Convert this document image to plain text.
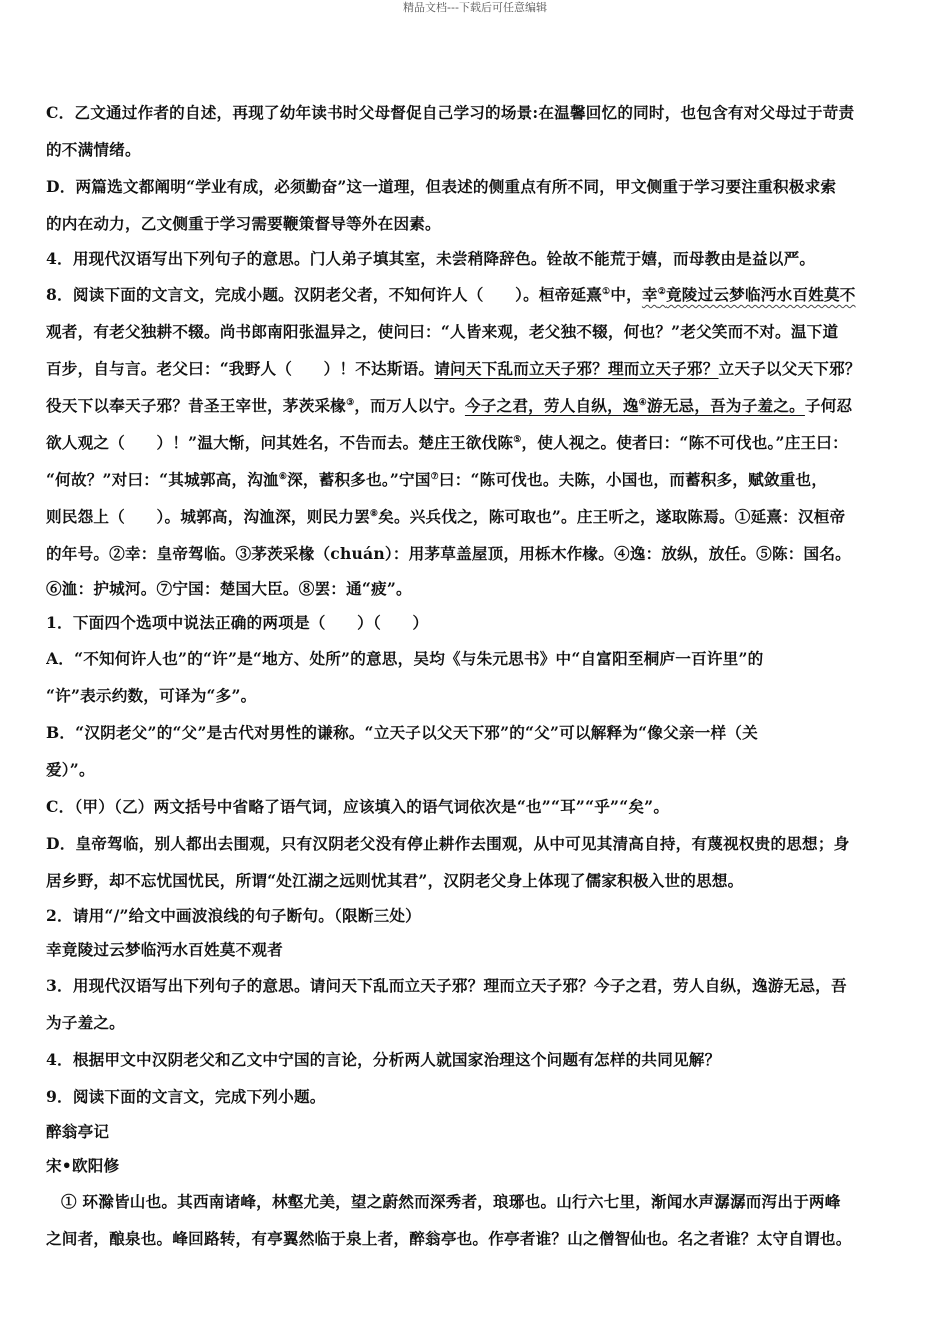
精品文档---下载后可任意编辑
C．乙文通过作者的自述，再现了幼年读书时父母督促自己学习的场景:在温馨回忆的同时，也包含有对父母过于苛责
的不满情绪。
D．两篇选文都阐明“学业有成，必须勤奋”这一道理，但表述的侧重点有所不同，甲文侧重于学习要注重积极求索
的内在动力，乙文侧重于学习需要鞭策督导等外在因素。
4．用现代汉语写出下列句子的意思。门人弟子填其室，未尝稍降辞色。铨故不能荒于嬉，而母教由是益以严。
8．阅读下面的文言文，完成小题。汉阴老父者，不知何许人（　　）。桓帝延熹①中，幸②竟陵过云梦临沔水百姓莫不
观者，有老父独耕不辍。尚书郎南阳张温异之，使问曰：“人皆来观，老父独不辍，何也？”老父笑而不对。温下道
百步，自与言。老父曰：“我野人（　　）！不达斯语。请问天下乱而立天子邪？理而立天子邪？立天子以父天下邪？
役天下以奉天子邪？昔圣王宰世，茅茨采椽③，而万人以宁。今子之君，劳人自纵，逸④游无忌，吾为子羞之。子何忍
欲人观之（　　）！”温大惭，问其姓名，不告而去。楚庄王欲伐陈⑤，使人视之。使者曰：“陈不可伐也。”庄王曰：
“何故？”对曰：“其城郭高，沟洫⑥深，蓄积多也。”宁国⑦曰：“陈可伐也。夫陈，小国也，而蓄积多，赋敛重也，
则民怨上（　　）。城郭高，沟洫深，则民力罢⑧矣。兴兵伐之，陈可取也”。庄王听之，遂取陈焉。①延熹：汉桓帝
的年号。②幸：皇帝驾临。③茅茨采椽（chuán）：用茅草盖屋顶，用栎木作椽。④逸：放纵，放任。⑤陈：国名。
⑥洫：护城河。⑦宁国：楚国大臣。⑧罢：通“疲”。
1．下面四个选项中说法正确的两项是（　　）（　　）
A．“不知何许人也”的“许”是“地方、处所”的意思，吴均《与朱元思书》中“自富阳至桐庐一百许里”的
“许”表示约数，可译为“多”。
B．“汉阴老父”的“父”是古代对男性的谦称。“立天子以父天下邪”的“父”可以解释为“像父亲一样（关
爱）”。
C．（甲）（乙）两文括号中省略了语气词，应该填入的语气词依次是“也”“耳”“乎”“矣”。
D．皇帝驾临，别人都出去围观，只有汉阴老父没有停止耕作去围观，从中可见其清高自持，有蔑视权贵的思想；身
居乡野，却不忘忧国忧民，所谓“处江湖之远则忧其君”，汉阴老父身上体现了儒家积极入世的思想。
2．请用“/”给文中画波浪线的句子断句。（限断三处）
幸竟陵过云梦临沔水百姓莫不观者
3．用现代汉语写出下列句子的意思。请问天下乱而立天子邪？理而立天子邪？今子之君，劳人自纵，逸游无忌，吾
为子羞之。
4．根据甲文中汉阴老父和乙文中宁国的言论，分析两人就国家治理这个问题有怎样的共同见解？
9．阅读下面的文言文，完成下列小题。
醉翁亭记
宋•欧阳修
① 环滁皆山也。其西南诸峰，林壑尤美，望之蔚然而深秀者，琅琊也。山行六七里，渐闻水声潺潺而泻出于两峰
之间者，酿泉也。峰回路转，有亭翼然临于泉上者，醉翁亭也。作亭者谁？山之僧智仙也。名之者谁？太守自谓也。
